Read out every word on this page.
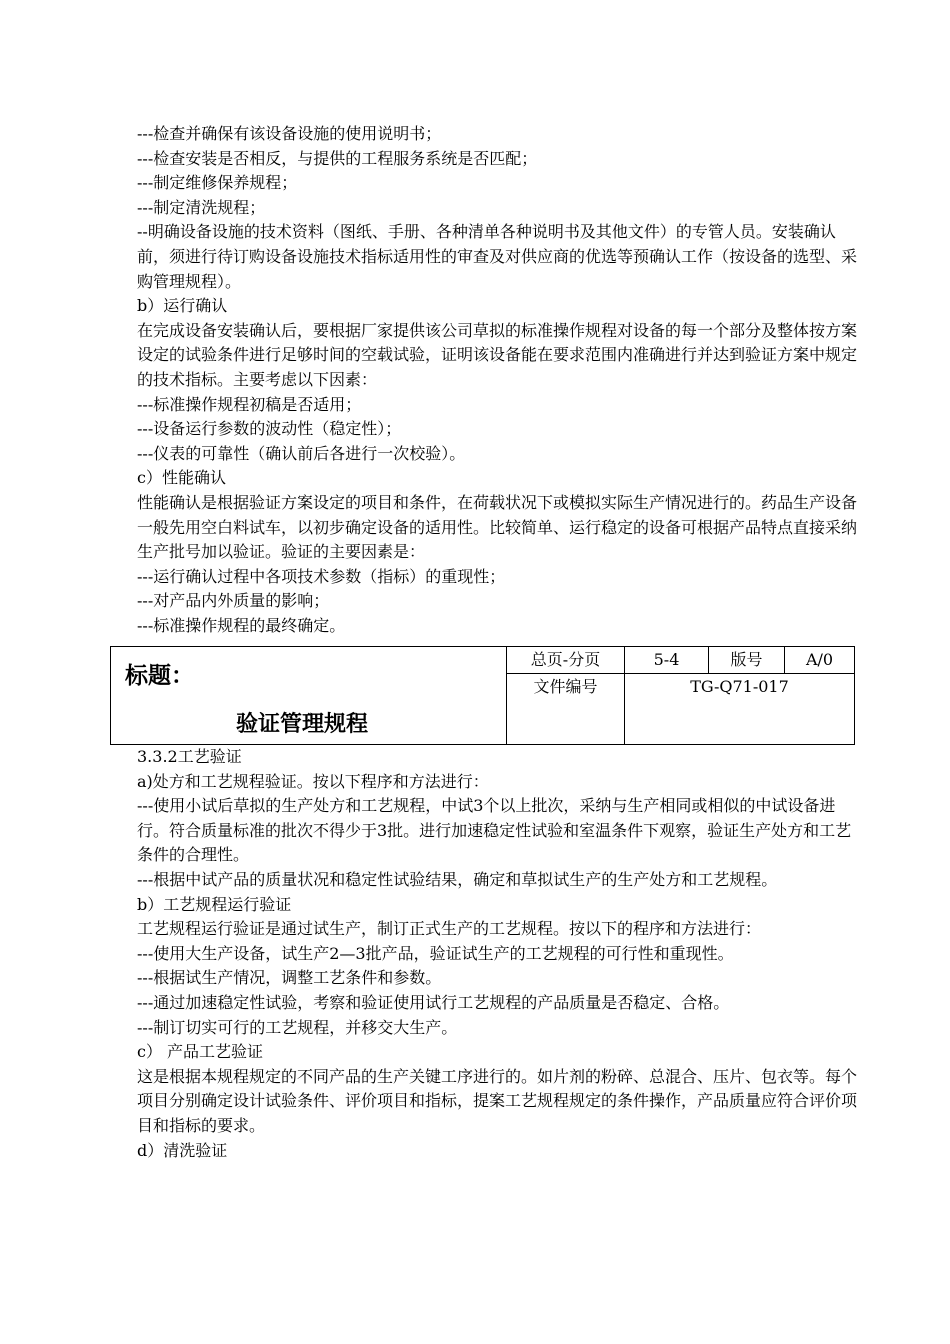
---检查并确保有该设备设施的使用说明书；

---检查安装是否相反，与提供的工程服务系统是否匹配；

---制定维修保养规程；

---制定清洗规程；

--明确设备设施的技术资料（图纸、手册、各种清单各种说明书及其他文件）的专管人员。安装确认前，须进行待订购设备设施技术指标适用性的审查及对供应商的优选等预确认工作（按设备的选型、采购管理规程）。

b）运行确认

在完成设备安装确认后，要根据厂家提供该公司草拟的标准操作规程对设备的每一个部分及整体按方案设定的试验条件进行足够时间的空载试验，证明该设备能在要求范围内准确进行并达到验证方案中规定的技术指标。主要考虑以下因素：

---标准操作规程初稿是否适用；

---设备运行参数的波动性（稳定性）；

---仪表的可靠性（确认前后各进行一次校验）。

c）性能确认

性能确认是根据验证方案设定的项目和条件，在荷载状况下或模拟实际生产情况进行的。药品生产设备一般先用空白料试车，以初步确定设备的适用性。比较简单、运行稳定的设备可根据产品特点直接采纳生产批号加以验证。验证的主要因素是：

---运行确认过程中各项技术参数（指标）的重现性；

---对产品内外质量的影响；

---标准操作规程的最终确定。

标题：
验证管理规程
总页-分页	5-4	版号	A/0
文件编号	TG-Q71-017

3.3.2工艺验证

a)处方和工艺规程验证。按以下程序和方法进行：

---使用小试后草拟的生产处方和工艺规程，中试3个以上批次，采纳与生产相同或相似的中试设备进行。符合质量标准的批次不得少于3批。进行加速稳定性试验和室温条件下观察，验证生产处方和工艺条件的合理性。

---根据中试产品的质量状况和稳定性试验结果，确定和草拟试生产的生产处方和工艺规程。

b）工艺规程运行验证

工艺规程运行验证是通过试生产，制订正式生产的工艺规程。按以下的程序和方法进行：

---使用大生产设备，试生产2—3批产品，验证试生产的工艺规程的可行性和重现性。

---根据试生产情况，调整工艺条件和参数。

---通过加速稳定性试验，考察和验证使用试行工艺规程的产品质量是否稳定、合格。

---制订切实可行的工艺规程，并移交大生产。

c） 产品工艺验证

这是根据本规程规定的不同产品的生产关键工序进行的。如片剂的粉碎、总混合、压片、包衣等。每个项目分别确定设计试验条件、评价项目和指标，提案工艺规程规定的条件操作，产品质量应符合评价项目和指标的要求。

d）清洗验证
